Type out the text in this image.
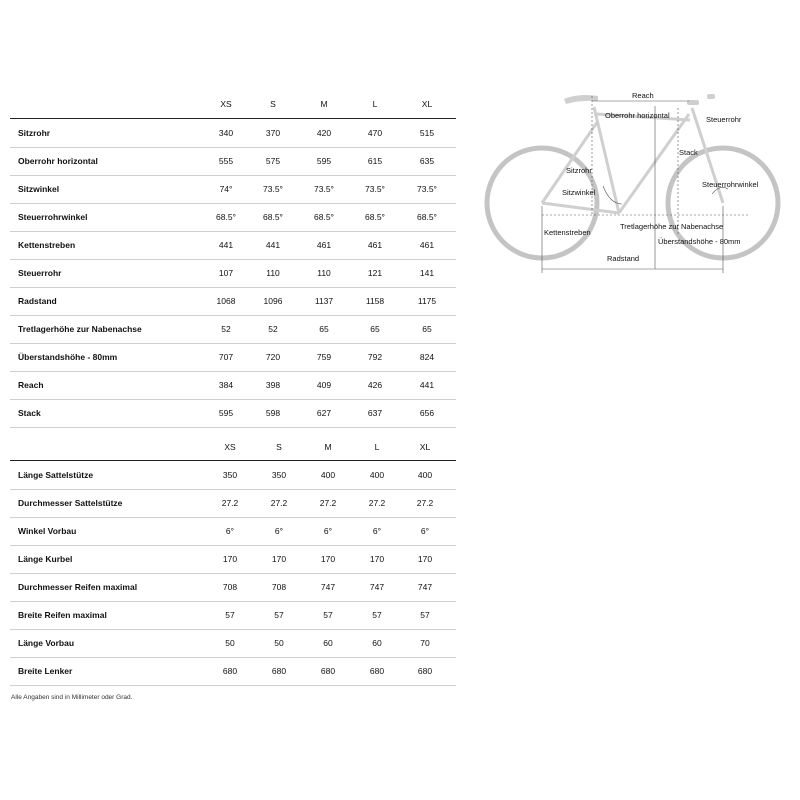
XS	S	M	L	XL
Sitzrohr	340	370	420	470	515
Oberrohr horizontal	555	575	595	615	635
Sitzwinkel	74°	73.5°	73.5°	73.5°	73.5°
Steuerrohrwinkel	68.5°	68.5°	68.5°	68.5°	68.5°
Kettenstreben	441	441	461	461	461
Steuerrohr	107	110	110	121	141
Radstand	1068	1096	1137	1158	1175
Tretlagerhöhe zur Nabenachse	52	52	65	65	65
Überstandshöhe - 80mm	707	720	759	792	824
Reach	384	398	409	426	441
Stack	595	598	627	637	656
XS	S	M	L	XL
Länge Sattelstütze	350	350	400	400	400
Durchmesser Sattelstütze	27.2	27.2	27.2	27.2	27.2
Winkel Vorbau	6°	6°	6°	6°	6°
Länge Kurbel	170	170	170	170	170
Durchmesser Reifen maximal	708	708	747	747	747
Breite Reifen maximal	57	57	57	57	57
Länge Vorbau	50	50	60	60	70
Breite Lenker	680	680	680	680	680
Alle Angaben sind in Millimeter oder Grad.
Reach
Oberrohr horizontal	Steuerrohr
Stack
Sitzrohr
Steuerrohrwinkel
Sitzwinkel
Kettenstreben
Tretlagerhöhe zur Nabenachse
Überstandshöhe - 80mm
Radstand
